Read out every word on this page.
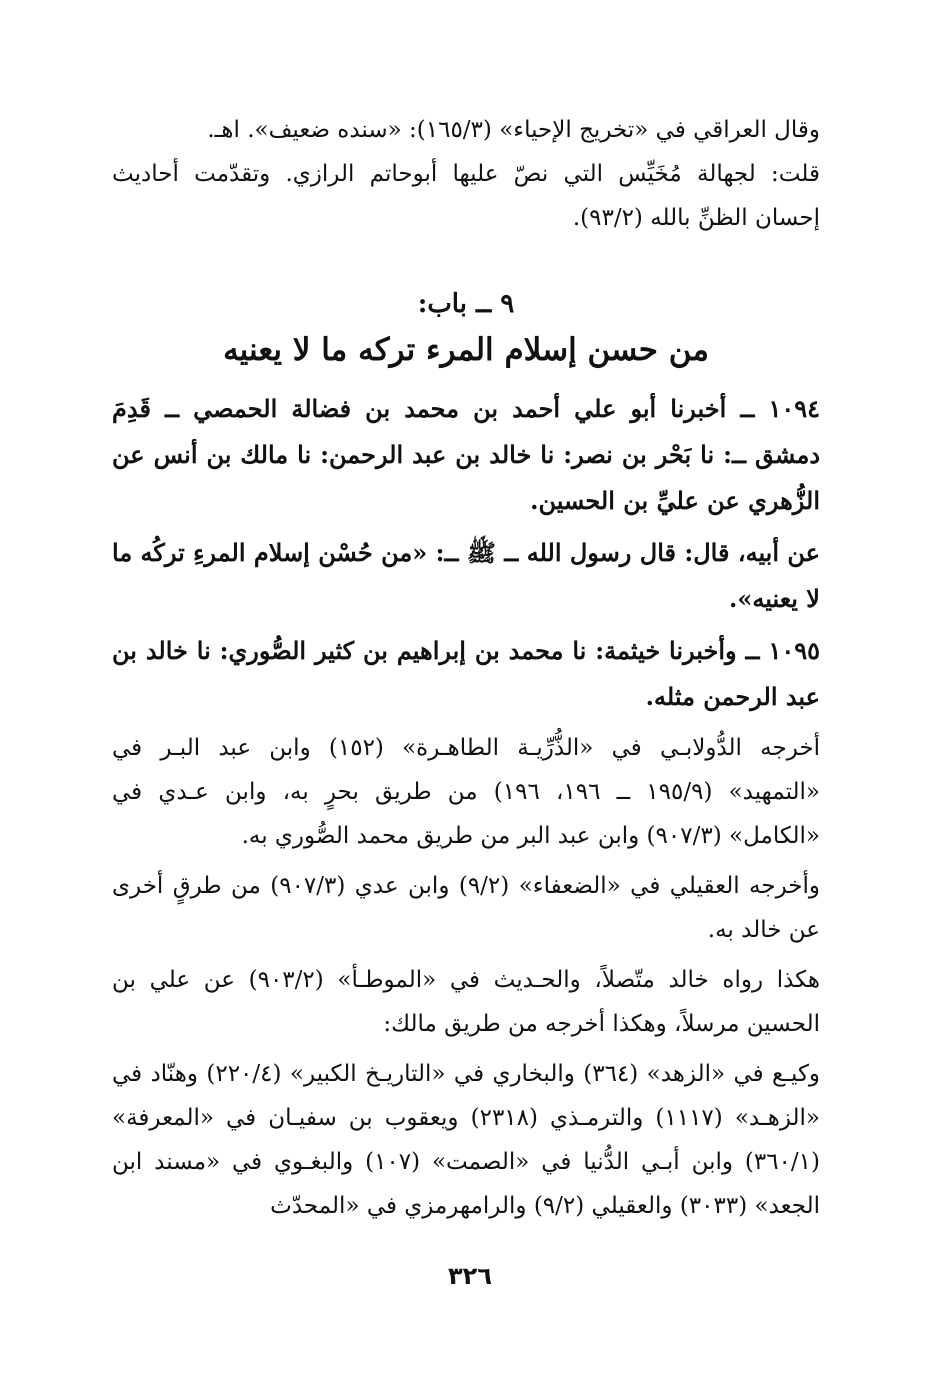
وقال العراقي في «تخريج الإحياء» (١٦٥/٣): «سنده ضعيف». اهـ.

قلت: لجهالة مُخَيِّس التي نصّ عليها أبوحاتم الرازي. وتقدّمت أحاديث إحسان الظنِّ بالله (٩٣/٢).

٩ ــ باب:
من حسن إسلام المرء تركه ما لا يعنيه

١٠٩٤ ــ أخبرنا أبو علي أحمد بن محمد بن فضالة الحمصي ــ قَدِمَ دمشق ــ: نا بَحْر بن نصر: نا خالد بن عبد الرحمن: نا مالك بن أنس عن الزُّهري عن عليِّ بن الحسين.

عن أبيه، قال: قال رسول الله ــ ﷺ ــ: «من حُسْن إسلام المرءِ تركُه ما لا يعنيه».

١٠٩٥ ــ وأخبرنا خيثمة: نا محمد بن إبراهيم بن كثير الصُّوري: نا خالد بن عبد الرحمن مثله.

أخرجه الدُّولابـي في «الذُّرِّيـة الطاهـرة» (١٥٢) وابن عبد البـر في «التمهيد» (١٩٥/٩ ــ ١٩٦، ١٩٦) من طريق بحرٍ به، وابن عـدي في «الكامل» (٩٠٧/٣) وابن عبد البر من طريق محمد الصُّوري به.

وأخرجه العقيلي في «الضعفاء» (٩/٢) وابن عدي (٩٠٧/٣) من طرقٍ أخرى عن خالد به.

هكذا رواه خالد متّصلاً، والحـديث في «الموطـأ» (٩٠٣/٢) عن علي بن الحسين مرسلاً، وهكذا أخرجه من طريق مالك:

وكيـع في «الزهد» (٣٦٤) والبخاري في «التاريـخ الكبير» (٢٢٠/٤) وهنّاد في «الزهـد» (١١١٧) والترمـذي (٢٣١٨) ويعقوب بن سفيـان في «المعرفة» (٣٦٠/١) وابن أبـي الدُّنيا في «الصمت» (١٠٧) والبغـوي في «مسند ابن الجعد» (٣٠٣٣) والعقيلي (٩/٢) والرامهرمزي في «المحدّث

٣٢٦
